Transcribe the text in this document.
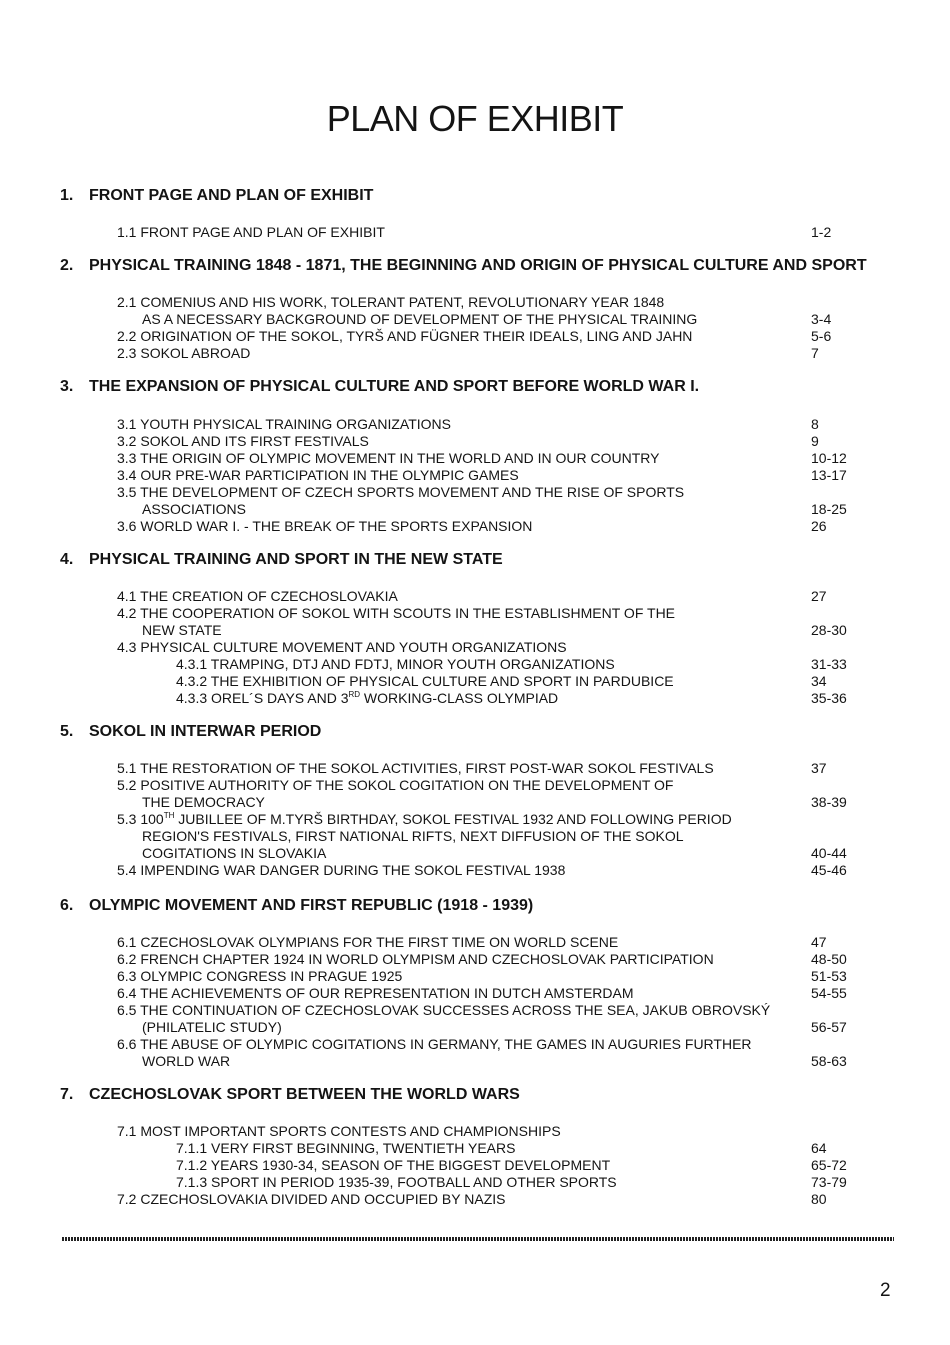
PLAN OF EXHIBIT
1. FRONT PAGE AND PLAN OF EXHIBIT
1.1 FRONT PAGE AND PLAN OF EXHIBIT	1-2
2. PHYSICAL TRAINING 1848 - 1871, THE BEGINNING AND ORIGIN OF PHYSICAL CULTURE AND SPORT
2.1 COMENIUS AND HIS WORK, TOLERANT PATENT, REVOLUTIONARY YEAR 1848
AS A NECESSARY BACKGROUND OF DEVELOPMENT OF THE PHYSICAL TRAINING	3-4
2.2 ORIGINATION OF THE SOKOL, TYRŠ AND FÜGNER THEIR IDEALS, LING AND JAHN	5-6
2.3 SOKOL ABROAD	7
3. THE EXPANSION OF PHYSICAL CULTURE AND SPORT BEFORE WORLD WAR I.
3.1 YOUTH PHYSICAL TRAINING ORGANIZATIONS	8
3.2 SOKOL AND ITS FIRST FESTIVALS	9
3.3 THE ORIGIN OF OLYMPIC MOVEMENT IN THE WORLD AND IN OUR COUNTRY	10-12
3.4 OUR PRE-WAR PARTICIPATION IN THE OLYMPIC GAMES	13-17
3.5 THE DEVELOPMENT OF CZECH SPORTS MOVEMENT AND THE RISE OF SPORTS
ASSOCIATIONS	18-25
3.6 WORLD WAR I. - THE BREAK OF THE SPORTS EXPANSION	26
4. PHYSICAL TRAINING AND SPORT IN THE NEW STATE
4.1 THE CREATION OF CZECHOSLOVAKIA	27
4.2 THE COOPERATION OF SOKOL WITH SCOUTS IN THE ESTABLISHMENT OF THE
NEW STATE	28-30
4.3 PHYSICAL CULTURE MOVEMENT AND YOUTH ORGANIZATIONS
4.3.1 TRAMPING, DTJ AND FDTJ, MINOR YOUTH ORGANIZATIONS	31-33
4.3.2 THE EXHIBITION OF PHYSICAL CULTURE AND SPORT IN PARDUBICE	34
4.3.3 OREL´S DAYS AND 3RD WORKING-CLASS OLYMPIAD	35-36
5. SOKOL IN INTERWAR PERIOD
5.1 THE RESTORATION OF THE SOKOL ACTIVITIES, FIRST POST-WAR SOKOL FESTIVALS	37
5.2 POSITIVE AUTHORITY OF THE SOKOL COGITATION ON THE DEVELOPMENT OF
THE DEMOCRACY	38-39
5.3 100TH JUBILLEE OF M.TYRŠ BIRTHDAY, SOKOL FESTIVAL 1932 AND FOLLOWING PERIOD
REGION'S FESTIVALS, FIRST NATIONAL RIFTS, NEXT DIFFUSION OF THE SOKOL
COGITATIONS IN SLOVAKIA	40-44
5.4 IMPENDING WAR DANGER DURING THE SOKOL FESTIVAL 1938	45-46
6. OLYMPIC MOVEMENT AND FIRST REPUBLIC (1918 - 1939)
6.1 CZECHOSLOVAK OLYMPIANS FOR THE FIRST TIME ON WORLD SCENE	47
6.2 FRENCH CHAPTER 1924 IN WORLD OLYMPISM AND CZECHOSLOVAK PARTICIPATION	48-50
6.3 OLYMPIC CONGRESS IN PRAGUE 1925	51-53
6.4 THE ACHIEVEMENTS OF OUR REPRESENTATION IN DUTCH AMSTERDAM	54-55
6.5 THE CONTINUATION OF CZECHOSLOVAK SUCCESSES ACROSS THE SEA, JAKUB OBROVSKÝ
(PHILATELIC STUDY)	56-57
6.6 THE ABUSE OF OLYMPIC COGITATIONS IN GERMANY, THE GAMES IN AUGURIES FURTHER
WORLD WAR	58-63
7. CZECHOSLOVAK SPORT BETWEEN THE WORLD WARS
7.1 MOST IMPORTANT SPORTS CONTESTS AND CHAMPIONSHIPS
7.1.1 VERY FIRST BEGINNING, TWENTIETH YEARS	64
7.1.2 YEARS 1930-34, SEASON OF THE BIGGEST DEVELOPMENT	65-72
7.1.3 SPORT IN PERIOD 1935-39, FOOTBALL AND OTHER SPORTS	73-79
7.2 CZECHOSLOVAKIA DIVIDED AND OCCUPIED BY NAZIS	80
2
